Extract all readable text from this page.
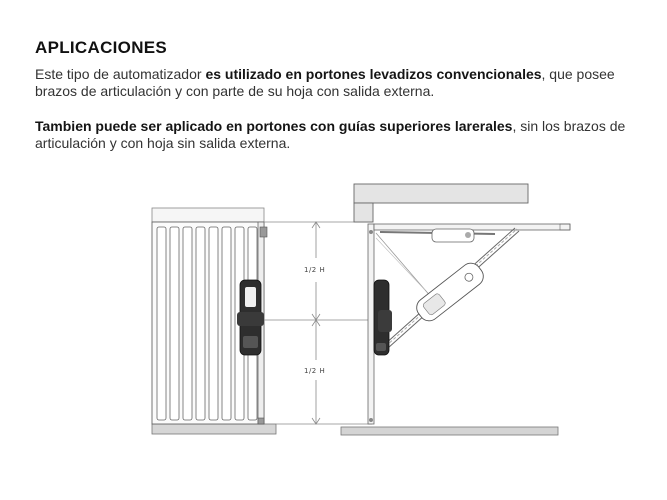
APLICACIONES

Este tipo de automatizador es utilizado en portones levadizos convencionales, que posee brazos de articulación y con parte de su hoja con salida externa.

Tambien puede ser aplicado en portones con guías superiores larerales, sin los brazos de articulación y con hoja sin salida externa.

1/2 H
1/2 H
